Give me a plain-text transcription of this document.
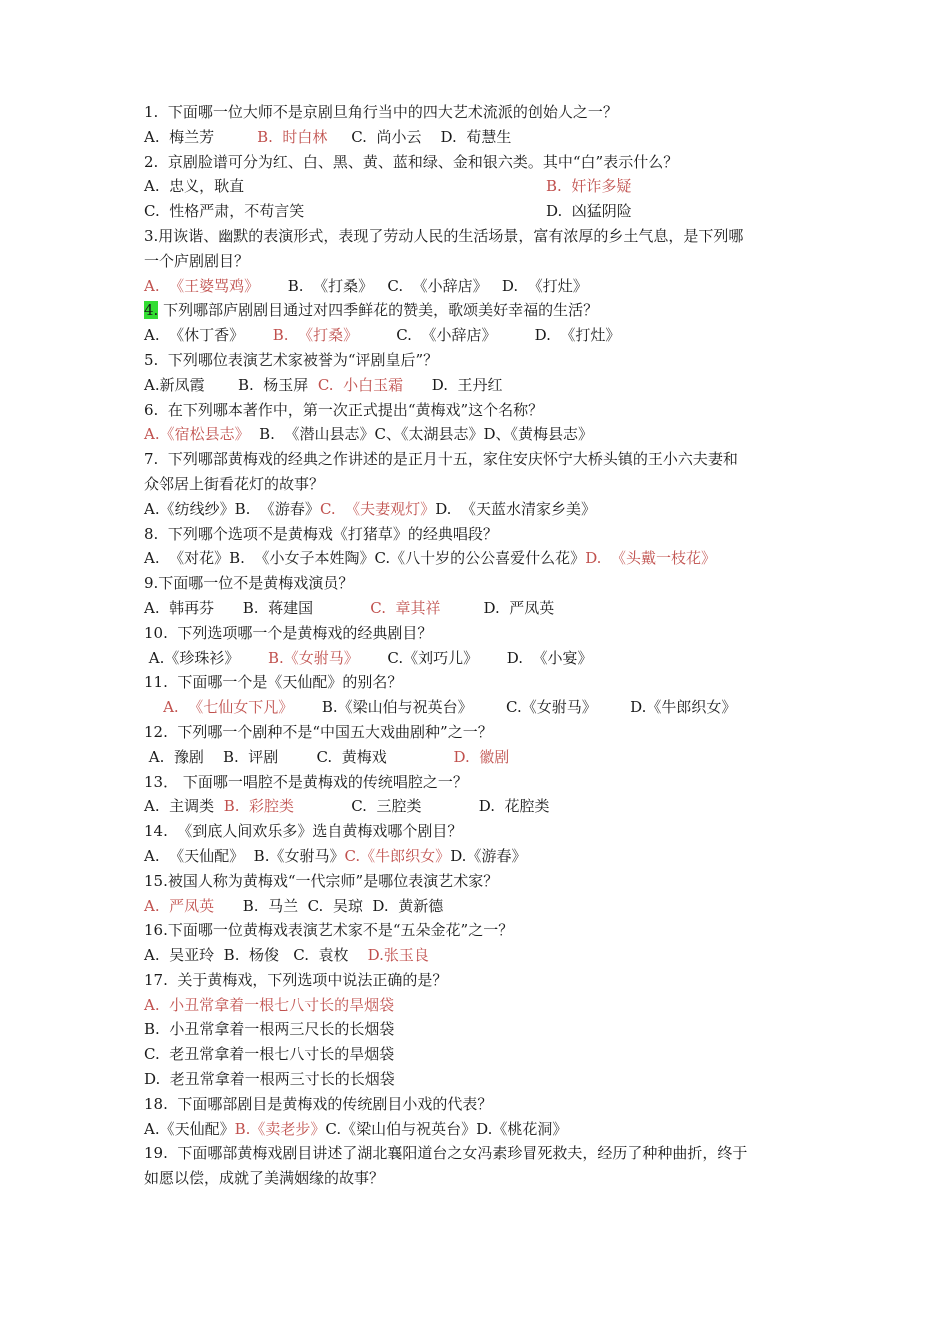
1.  下面哪一位大师不是京剧旦角行当中的四大艺术流派的创始人之一？
A.  梅兰芳         B.  时白林     C.  尚小云    D.  荀慧生
2.  京剧脸谱可分为红、白、黑、黄、蓝和绿、金和银六类。其中“白”表示什么？
A.  忠义，耿直	B.  奸诈多疑
C.  性格严肃，不苟言笑	D.  凶猛阴险
3.用诙谐、幽默的表演形式，表现了劳动人民的生活场景，富有浓厚的乡土气息，是下列哪
一个庐剧剧目？
A.  《王婆骂鸡》      B.  《打桑》   C.  《小辞店》   D.  《打灶》
4. 下列哪部庐剧剧目通过对四季鲜花的赞美，歌颂美好幸福的生活？
A.  《休丁香》      B.  《打桑》        C.  《小辞店》        D.  《打灶》
5.  下列哪位表演艺术家被誉为“评剧皇后”？
A.新凤霞       B.  杨玉屏  C.  小白玉霜      D.  王丹红
6.  在下列哪本著作中，第一次正式提出“黄梅戏”这个名称？
A.《宿松县志》  B.  《潜山县志》C、《太湖县志》D、《黄梅县志》
7.  下列哪部黄梅戏的经典之作讲述的是正月十五，家住安庆怀宁大桥头镇的王小六夫妻和
众邻居上街看花灯的故事？
A.《纺线纱》B.  《游春》C.  《夫妻观灯》D.  《天蓝水清家乡美》
8.  下列哪个选项不是黄梅戏《打猪草》的经典唱段？
A.  《对花》B.  《小女子本姓陶》C.《八十岁的公公喜爱什么花》D.  《头戴一枝花》
9.下面哪一位不是黄梅戏演员？
A.  韩再芬      B.  蒋建国            C.  章其祥         D.  严凤英
10.  下列选项哪一个是黄梅戏的经典剧目？
A.《珍珠衫》      B.《女驸马》      C.《刘巧儿》      D.  《小宴》
11.  下面哪一个是《天仙配》的别名？
A.  《七仙女下凡》      B.《梁山伯与祝英台》       C.《女驸马》       D.《牛郎织女》
12.  下列哪一个剧种不是“中国五大戏曲剧种”之一？
A.  豫剧    B.  评剧        C.  黄梅戏              D.  徽剧
13． 下面哪一唱腔不是黄梅戏的传统唱腔之一？
A.  主调类  B.  彩腔类            C.  三腔类            D.  花腔类
14.  《到底人间欢乐多》选自黄梅戏哪个剧目？
A.  《天仙配》  B.《女驸马》C.《牛郎织女》D.《游春》
15.被国人称为黄梅戏“一代宗师”是哪位表演艺术家？
A.  严凤英      B.  马兰  C.  吴琼  D.  黄新德
16.下面哪一位黄梅戏表演艺术家不是“五朵金花”之一？
A.  吴亚玲  B.  杨俊   C.  袁枚    D.张玉良
17.  关于黄梅戏，下列选项中说法正确的是？
A.  小丑常拿着一根七八寸长的旱烟袋
B.  小丑常拿着一根两三尺长的长烟袋
C.  老丑常拿着一根七八寸长的旱烟袋
D.  老丑常拿着一根两三寸长的长烟袋
18.  下面哪部剧目是黄梅戏的传统剧目小戏的代表？
A.《天仙配》B.《卖老步》C.《梁山伯与祝英台》D.《桃花洞》
19.  下面哪部黄梅戏剧目讲述了湖北襄阳道台之女冯素珍冒死救夫，经历了种种曲折，终于
如愿以偿，成就了美满姻缘的故事？
